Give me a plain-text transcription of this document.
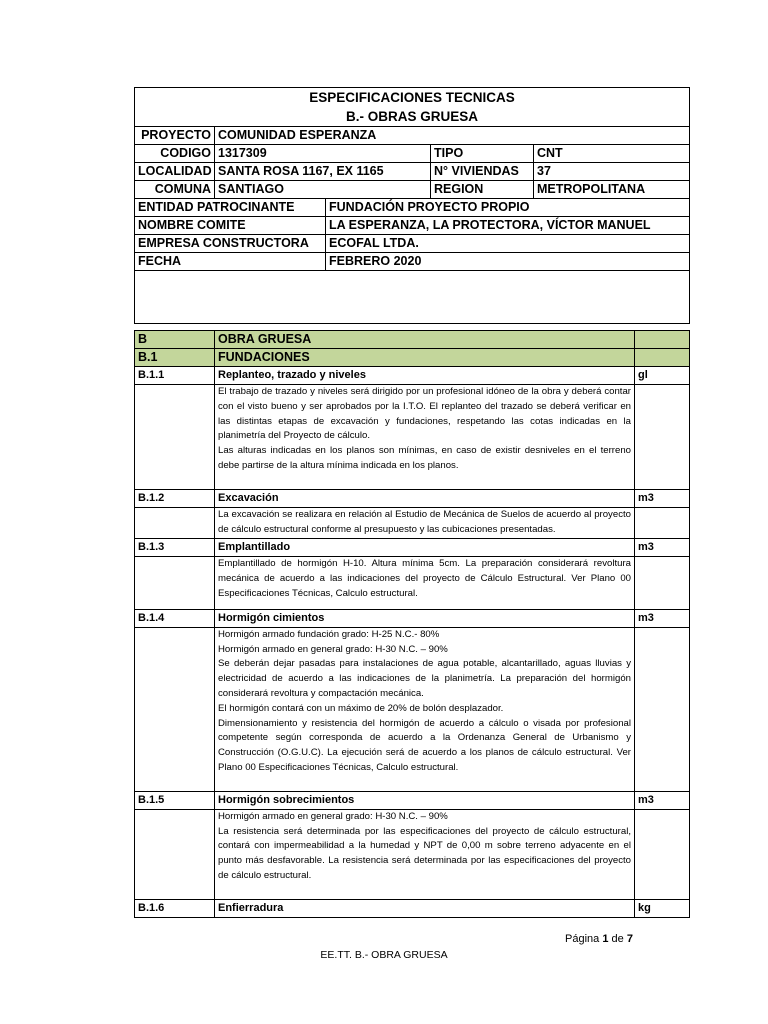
ESPECIFICACIONES TECNICAS
B.- OBRAS GRUESA				

PROYECTO	COMUNIDAD ESPERANZA			
CODIGO	1317309		TIPO	CNT
LOCALIDAD	SANTA ROSA 1167, EX 1165		N° VIVIENDAS	37
COMUNA	SANTIAGO		REGION	METROPOLITANA
ENTIDAD PATROCINANTE		FUNDACIÓN PROYECTO PROPIO		
NOMBRE COMITE		LA ESPERANZA, LA PROTECTORA, VÍCTOR MANUEL		
EMPRESA CONSTRUCTORA		ECOFAL LTDA.		
FECHA		FEBRERO 2020		

B	OBRA GRUESA	
B.1	FUNDACIONES	
B.1.1	Replanteo, trazado y niveles	gl

	El trabajo de trazado y niveles será dirigido por un profesional idóneo de la obra y deberá contar con el visto bueno y ser aprobados por la I.T.O. El replanteo del trazado se deberá verificar en las distintas etapas de excavación y fundaciones, respetando las cotas indicadas en la planimetría del Proyecto de cálculo.

Las alturas indicadas en los planos son mínimas, en caso de existir desniveles en el terreno debe partirse de la altura mínima indicada en los planos.	

B.1.2	Excavación	m3

	La excavación se realizara en relación al Estudio de Mecánica de Suelos de acuerdo al proyecto de cálculo estructural conforme al presupuesto y las cubicaciones presentadas.	

B.1.3	Emplantillado	m3

	Emplantillado de hormigón H-10. Altura mínima 5cm. La preparación considerará revoltura mecánica de acuerdo a las indicaciones del proyecto de Cálculo Estructural. Ver Plano 00 Especificaciones Técnicas, Calculo estructural.	

B.1.4	Hormigón cimientos	m3

	Hormigón armado fundación grado: H-25 N.C.- 80%

Hormigón armado en general grado: H-30 N.C. – 90%

Se deberán dejar pasadas para instalaciones de agua potable, alcantarillado, aguas lluvias y electricidad de acuerdo a las indicaciones de la planimetría. La preparación del hormigón considerará revoltura y compactación mecánica.

El hormigón contará con un máximo de 20% de bolón desplazador.

Dimensionamiento y resistencia del hormigón de acuerdo a cálculo o visada por profesional competente según corresponda de acuerdo a la Ordenanza General de Urbanismo y Construcción (O.G.U.C). La ejecución será de acuerdo a los planos de cálculo estructural. Ver Plano 00 Especificaciones Técnicas, Calculo estructural.	

B.1.5	Hormigón sobrecimientos	m3

	Hormigón armado en general grado: H-30 N.C. – 90%

La resistencia será determinada por las especificaciones del proyecto de cálculo estructural, contará con impermeabilidad a la humedad y NPT de 0,00 m sobre terreno adyacente en el punto más desfavorable. La resistencia será determinada por las especificaciones del proyecto de cálculo estructural.	

B.1.6	Enfierradura	kg
Página 1 de 7
EE.TT. B.- OBRA GRUESA
